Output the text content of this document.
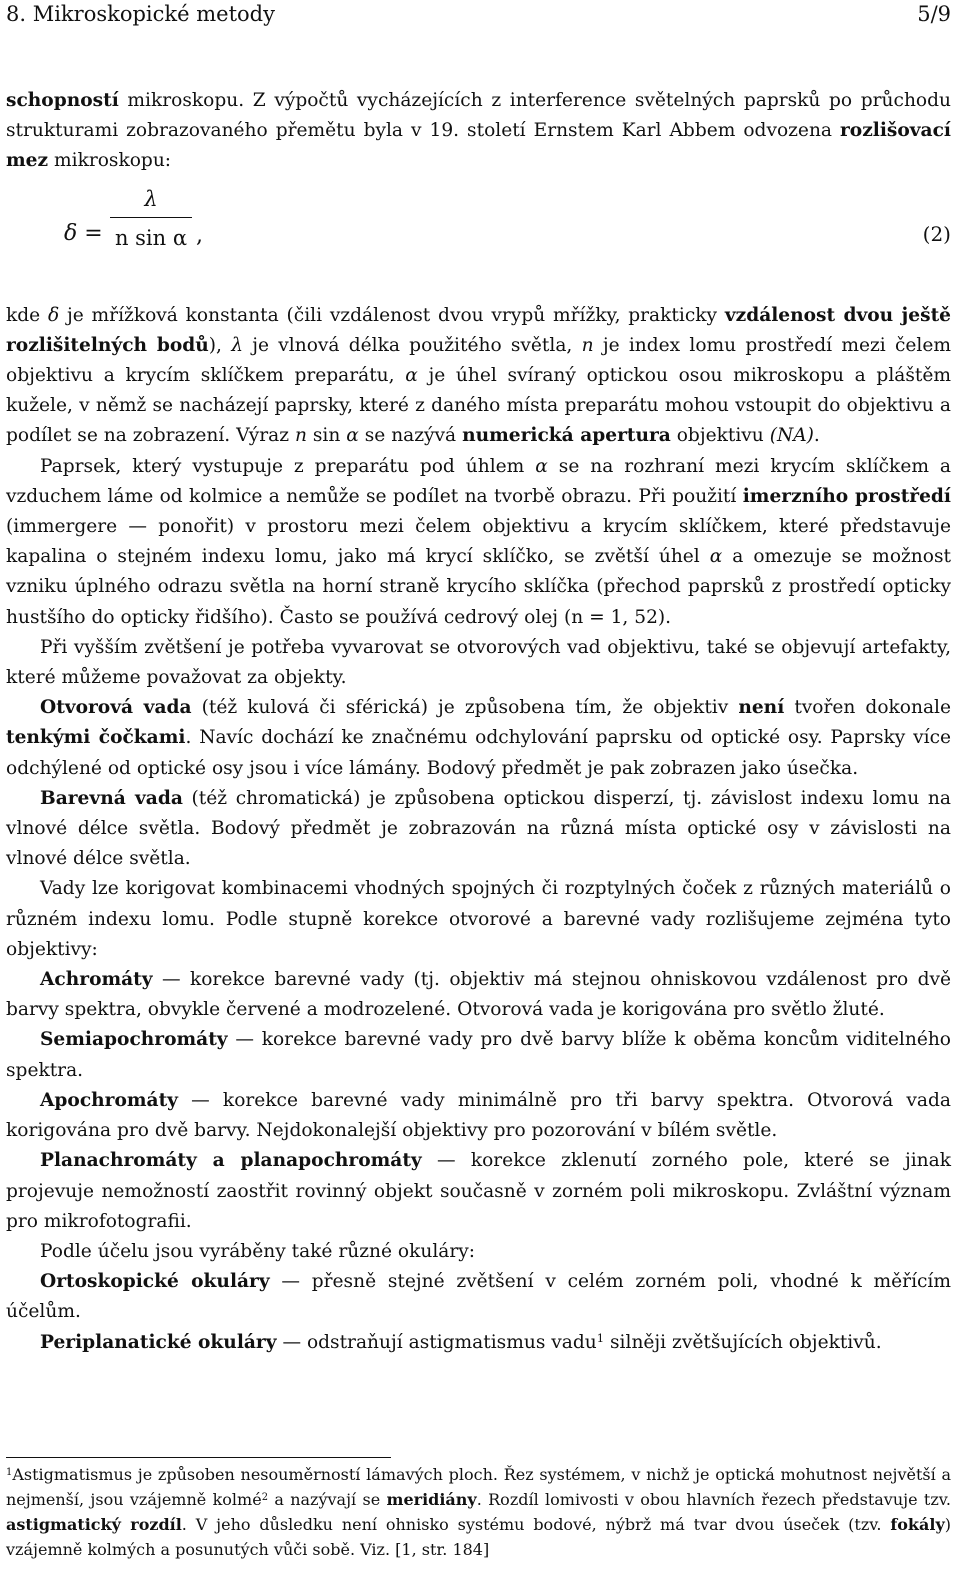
8. Mikroskopické metody	5/9

schopností mikroskopu. Z výpočtů vycházejících z interference světelných paprsků po průchodu strukturami zobrazovaného přemětu byla v 19. století Ernstem Karl Abbem odvozena rozlišovací mez mikroskopu:

δ =
λ
n sin α ,	(2)

kde δ je mřížková konstanta (čili vzdálenost dvou vrypů mřížky, prakticky vzdálenost dvou ještě rozlišitelných bodů), λ je vlnová délka použitého světla, n je index lomu prostředí mezi čelem objektivu a krycím sklíčkem preparátu, α je úhel svíraný optickou osou mikroskopu a pláštěm kužele, v němž se nacházejí paprsky, které z daného místa preparátu mohou vstoupit do objektivu a podílet se na zobrazení. Výraz n sin α se nazývá numerická apertura objektivu (NA).

Paprsek, který vystupuje z preparátu pod úhlem α se na rozhraní mezi krycím sklíčkem a vzduchem láme od kolmice a nemůže se podílet na tvorbě obrazu. Při použití imerzního prostředí (immergere — ponořit) v prostoru mezi čelem objektivu a krycím sklíčkem, které představuje kapalina o stejném indexu lomu, jako má krycí sklíčko, se zvětší úhel α a omezuje se možnost vzniku úplného odrazu světla na horní straně krycího sklíčka (přechod paprsků z prostředí opticky hustšího do opticky řidšího). Často se používá cedrový olej (n = 1, 52).

Při vyšším zvětšení je potřeba vyvarovat se otvorových vad objektivu, také se objevují artefakty, které můžeme považovat za objekty.

Otvorová vada (též kulová či sférická) je způsobena tím, že objektiv není tvořen dokonale tenkými čočkami. Navíc dochází ke značnému odchylování paprsku od optické osy. Paprsky více odchýlené od optické osy jsou i více lámány. Bodový předmět je pak zobrazen jako úsečka.

Barevná vada (též chromatická) je způsobena optickou disperzí, tj. závislost indexu lomu na vlnové délce světla. Bodový předmět je zobrazován na různá místa optické osy v závislosti na vlnové délce světla.

Vady lze korigovat kombinacemi vhodných spojných či rozptylných čoček z různých materiálů o různém indexu lomu. Podle stupně korekce otvorové a barevné vady rozlišujeme zejména tyto objektivy:

Achromáty — korekce barevné vady (tj. objektiv má stejnou ohniskovou vzdálenost pro dvě barvy spektra, obvykle červené a modrozelené. Otvorová vada je korigována pro světlo žluté.

Semiapochromáty — korekce barevné vady pro dvě barvy blíže k oběma koncům viditelného spektra.

Apochromáty — korekce barevné vady minimálně pro tři barvy spektra. Otvorová vada korigována pro dvě barvy. Nejdokonalejší objektivy pro pozorování v bílém světle.

Planachromáty a planapochromáty — korekce zklenutí zorného pole, které se jinak projevuje nemožností zaostřit rovinný objekt současně v zorném poli mikroskopu. Zvláštní význam pro mikrofotografii.

Podle účelu jsou vyráběny také různé okuláry:

Ortoskopické okuláry — přesně stejné zvětšení v celém zorném poli, vhodné k měřícím účelům.

Periplanatické okuláry — odstraňují astigmatismus vadu$^1$ silněji zvětšujících objektivů.

$^1$Astigmatismus je způsoben nesouměrností lámavých ploch. Řez systémem, v nichž je optická mohutnost největší a nejmenší, jsou vzájemně kolmé$^2$ a nazývají se meridiány. Rozdíl lomivosti v obou hlavních řezech představuje tzv. astigmatický rozdíl. V jeho důsledku není ohnisko systému bodové, nýbrž má tvar dvou úseček (tzv. fokály) vzájemně kolmých a posunutých vůči sobě. Viz. [1, str. 184]
